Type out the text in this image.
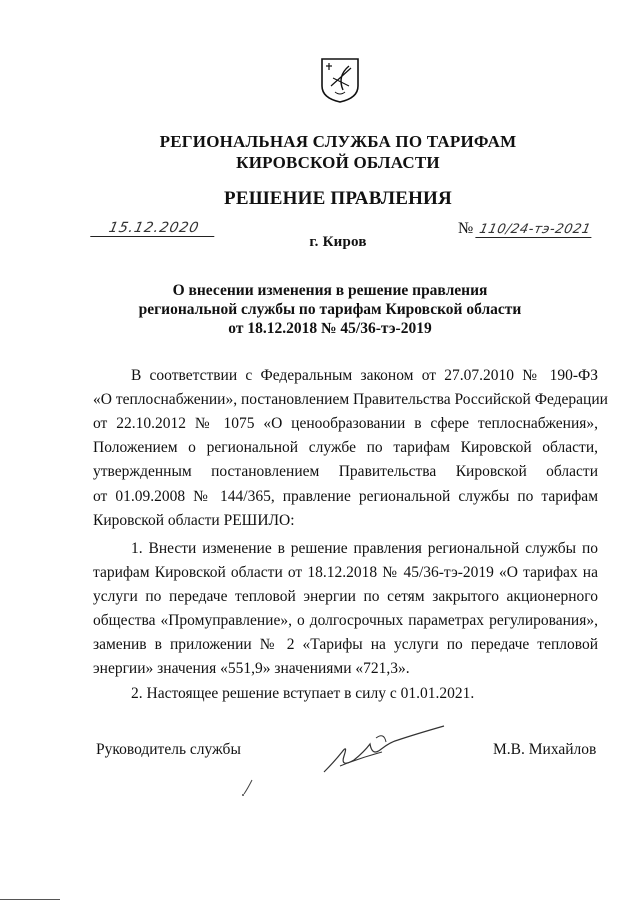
РЕГИОНАЛЬНАЯ СЛУЖБА ПО ТАРИФАМ
КИРОВСКОЙ ОБЛАСТИ
РЕШЕНИЕ ПРАВЛЕНИЯ
15.12.2020	№ 110/24-тэ-2021
г. Киров
О внесении изменения в решение правления
региональной службы по тарифам Кировской области
от 18.12.2018 № 45/36-тэ-2019
В соответствии с Федеральным законом от 27.07.2010 № 190-ФЗ
«О теплоснабжении», постановлением Правительства Российской Федерации
от 22.10.2012 № 1075 «О ценообразовании в сфере теплоснабжения»,
Положением о региональной службе по тарифам Кировской области,
утвержденным постановлением Правительства Кировской области
от 01.09.2008 № 144/365, правление региональной службы по тарифам
Кировской области РЕШИЛО:
1. Внести изменение в решение правления региональной службы по
тарифам Кировской области от 18.12.2018 № 45/36-тэ-2019 «О тарифах на
услуги по передаче тепловой энергии по сетям закрытого акционерного
общества «Промуправление», о долгосрочных параметрах регулирования»,
заменив в приложении № 2 «Тарифы на услуги по передаче тепловой
энергии» значения «551,9» значениями «721,3».
2. Настоящее решение вступает в силу с 01.01.2021.
Руководитель службы	М.В. Михайлов
